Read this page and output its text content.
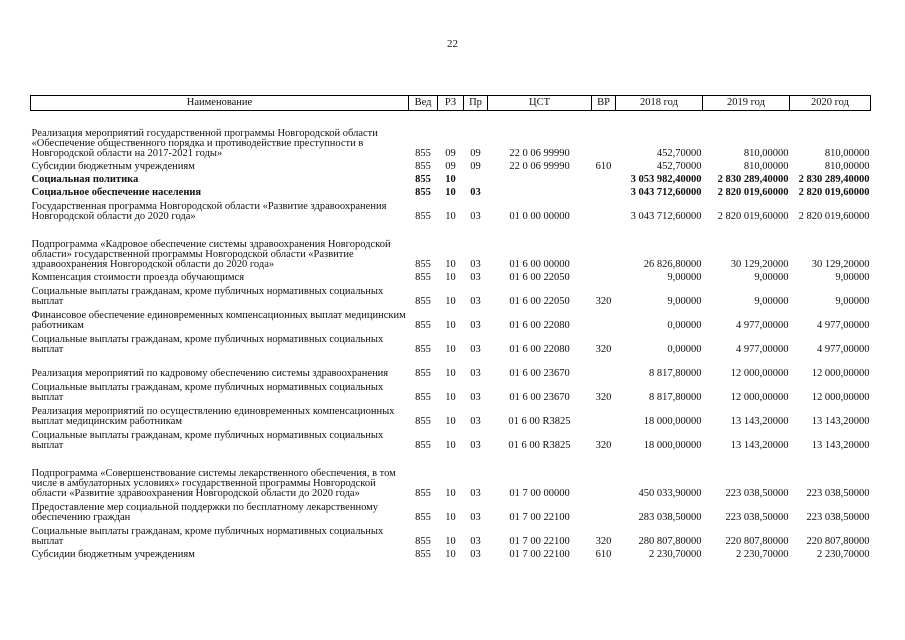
22
Наименование	Вед	РЗ	Пр	ЦСТ	ВР	2018 год	2019 год	2020 год
Реализация мероприятий государственной программы Новгородской области «Обеспечение общественного порядка и противодействие преступности в Новгородской области на 2017-2021 годы»	855	09	09	22 0 06 99990		452,70000	810,00000	810,00000
Субсидии бюджетным учреждениям	855	09	09	22 0 06 99990	610	452,70000	810,00000	810,00000
Социальная политика	855	10				3 053 982,40000	2 830 289,40000	2 830 289,40000
Социальное обеспечение населения	855	10	03			3 043 712,60000	2 820 019,60000	2 820 019,60000
Государственная программа Новгородской области «Развитие здравоохранения Новгородской области до 2020 года»	855	10	03	01 0 00 00000		3 043 712,60000	2 820 019,60000	2 820 019,60000
Подпрограмма «Кадровое обеспечение системы здравоохранения Новгородской области» государственной программы Новгородской области «Развитие здравоохранения Новгородской области до 2020 года»	855	10	03	01 6 00 00000		26 826,80000	30 129,20000	30 129,20000
Компенсация стоимости проезда обучающимся	855	10	03	01 6 00 22050		9,00000	9,00000	9,00000
Социальные выплаты гражданам, кроме публичных нормативных социальных выплат	855	10	03	01 6 00 22050	320	9,00000	9,00000	9,00000
Финансовое обеспечение единовременных компенсационных выплат медицинским работникам	855	10	03	01 6 00 22080		0,00000	4 977,00000	4 977,00000
Социальные выплаты гражданам, кроме публичных нормативных социальных выплат	855	10	03	01 6 00 22080	320	0,00000	4 977,00000	4 977,00000
Реализация мероприятий по кадровому обеспечению системы здравоохранения	855	10	03	01 6 00 23670		8 817,80000	12 000,00000	12 000,00000
Социальные выплаты гражданам, кроме публичных нормативных социальных выплат	855	10	03	01 6 00 23670	320	8 817,80000	12 000,00000	12 000,00000
Реализация мероприятий по осуществлению единовременных компенсационных выплат медицинским работникам	855	10	03	01 6 00 R3825		18 000,00000	13 143,20000	13 143,20000
Социальные выплаты гражданам, кроме публичных нормативных социальных выплат	855	10	03	01 6 00 R3825	320	18 000,00000	13 143,20000	13 143,20000
Подпрограмма «Совершенствование системы лекарственного обеспечения, в том числе в амбулаторных условиях» государственной программы Новгородской области «Развитие здравоохранения Новгородской области до 2020 года»	855	10	03	01 7 00 00000		450 033,90000	223 038,50000	223 038,50000
Предоставление мер социальной поддержки по бесплатному лекарственному обеспечению граждан	855	10	03	01 7 00 22100		283 038,50000	223 038,50000	223 038,50000
Социальные выплаты гражданам, кроме публичных нормативных социальных выплат	855	10	03	01 7 00 22100	320	280 807,80000	220 807,80000	220 807,80000
Субсидии бюджетным учреждениям	855	10	03	01 7 00 22100	610	2 230,70000	2 230,70000	2 230,70000
